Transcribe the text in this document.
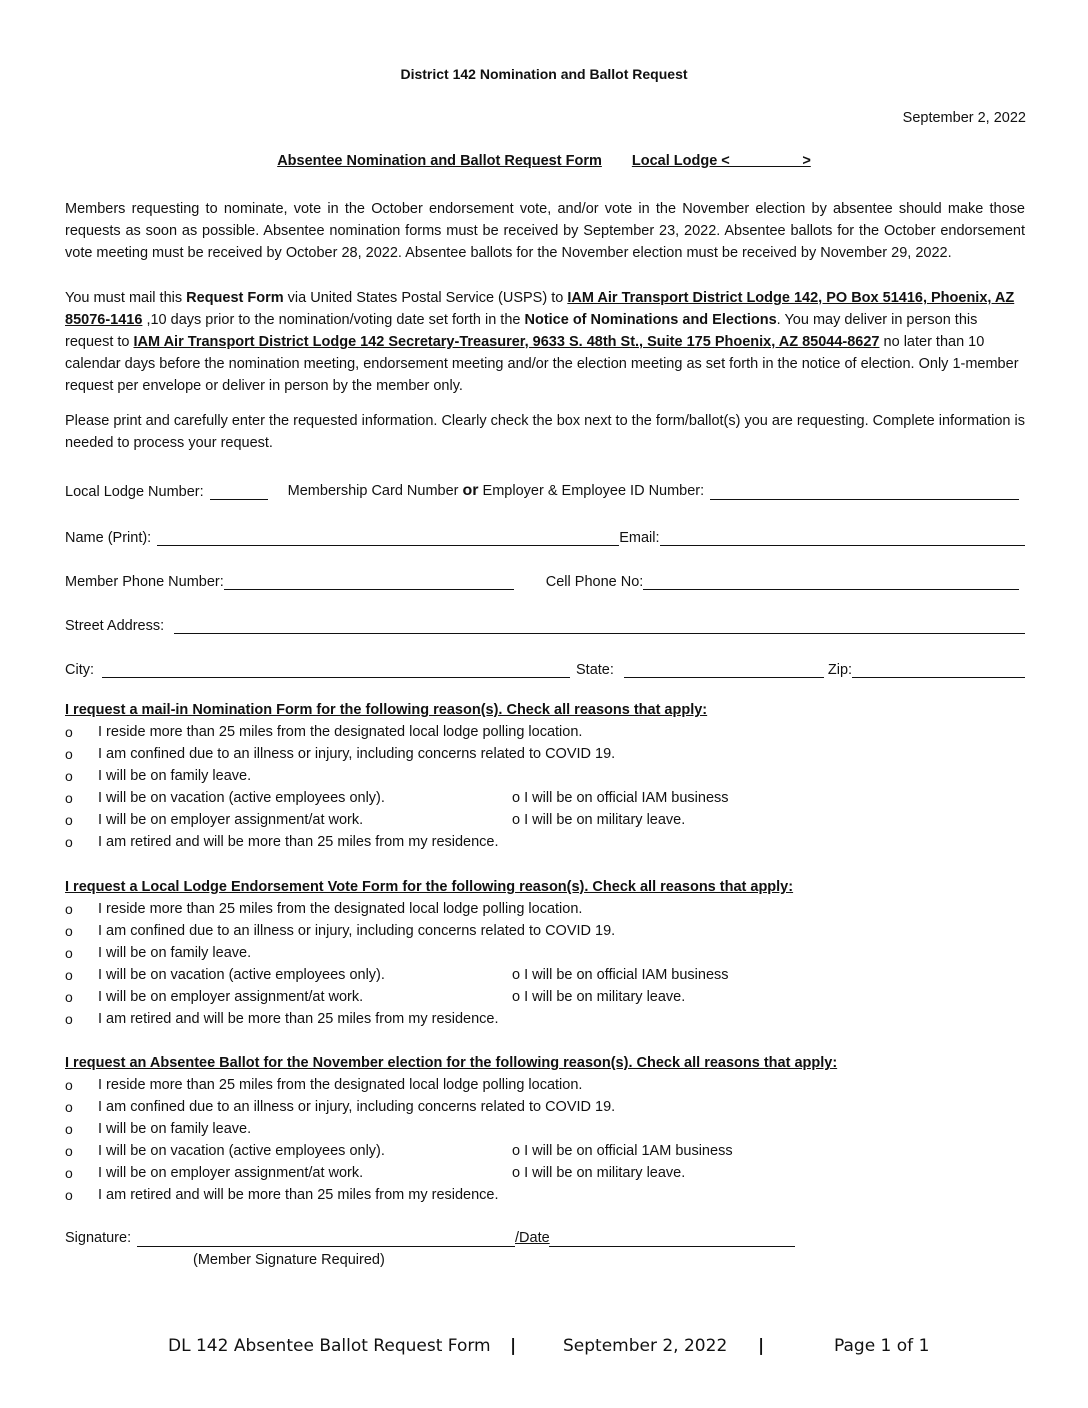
District 142 Nomination and Ballot Request
September 2, 2022
Absentee Nomination and Ballot Request Form Local Lodge <_________>
Members requesting to nominate, vote in the October endorsement vote, and/or vote in the November election by absentee should make those requests as soon as possible. Absentee nomination forms must be received by September 23, 2022. Absentee ballots for the October endorsement vote meeting must be received by October 28, 2022. Absentee ballots for the November election must be received by November 29, 2022.
You must mail this Request Form via United States Postal Service (USPS) to IAM Air Transport District Lodge 142, PO Box 51416, Phoenix, AZ 85076-1416 ,10 days prior to the nomination/voting date set forth in the Notice of Nominations and Elections. You may deliver in person this request to IAM Air Transport District Lodge 142 Secretary-Treasurer, 9633 S. 48th St., Suite 175 Phoenix, AZ 85044-8627 no later than 10 calendar days before the nomination meeting, endorsement meeting and/or the election meeting as set forth in the notice of election. Only 1-member request per envelope or deliver in person by the member only.
Please print and carefully enter the requested information. Clearly check the box next to the form/ballot(s) you are requesting. Complete information is needed to process your request.
Local Lodge Number:	Membership Card Number or Employer & Employee ID Number:
Name (Print):	Email:
Member Phone Number:	Cell Phone No:
Street Address:
City:	State:	Zip:
I request a mail-in Nomination Form for the following reason(s). Check all reasons that apply:
o I reside more than 25 miles from the designated local lodge polling location.
o I am confined due to an illness or injury, including concerns related to COVID 19.
o I will be on family leave.
o I will be on vacation (active employees only).	o I will be on official IAM business
o I will be on employer assignment/at work.	o I will be on military leave.
o I am retired and will be more than 25 miles from my residence.
I request a Local Lodge Endorsement Vote Form for the following reason(s). Check all reasons that apply:
o I reside more than 25 miles from the designated local lodge polling location.
o I am confined due to an illness or injury, including concerns related to COVID 19.
o I will be on family leave.
o I will be on vacation (active employees only).	o I will be on official IAM business
o I will be on employer assignment/at work.	o I will be on military leave.
o I am retired and will be more than 25 miles from my residence.
I request an Absentee Ballot for the November election for the following reason(s). Check all reasons that apply:
o I reside more than 25 miles from the designated local lodge polling location.
o I am confined due to an illness or injury, including concerns related to COVID 19.
o I will be on family leave.
o I will be on vacation (active employees only).	o I will be on official 1AM business
o I will be on employer assignment/at work.	o I will be on military leave.
o I am retired and will be more than 25 miles from my residence.
Signature:	/Date
(Member Signature Required)
DL 142 Absentee Ballot Request Form |	September 2, 2022 |	Page 1 of 1
